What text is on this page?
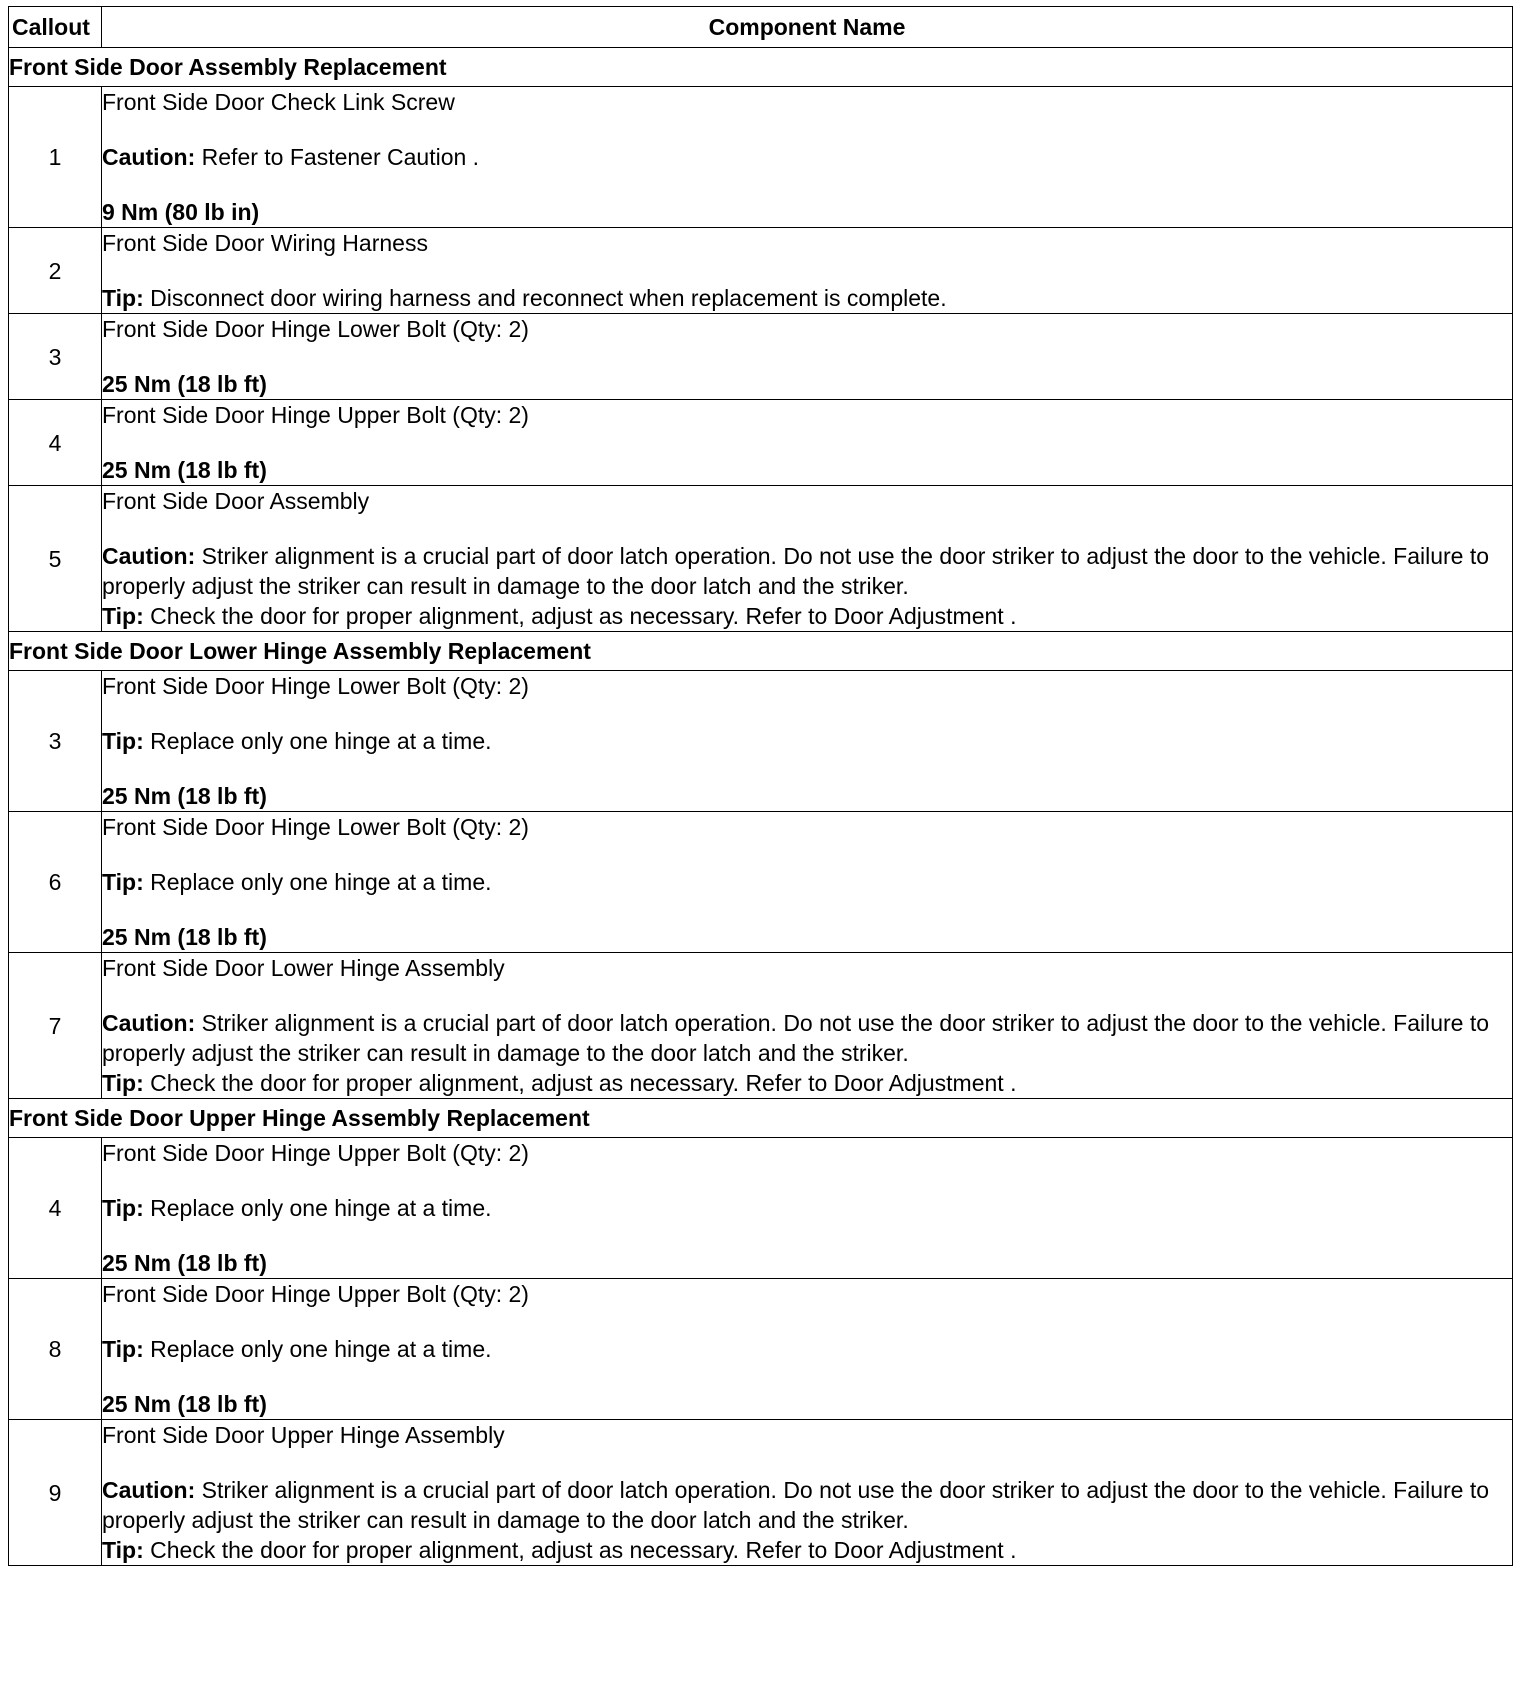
Callout	Component Name
Front Side Door Assembly Replacement	
1	Front Side Door Check Link Screw
Caution: Refer to Fastener Caution .
9 Nm (80 lb in)

2	Front Side Door Wiring Harness
Tip: Disconnect door wiring harness and reconnect when replacement is complete.

3	Front Side Door Hinge Lower Bolt (Qty: 2)
25 Nm (18 lb ft)

4	Front Side Door Hinge Upper Bolt (Qty: 2)
25 Nm (18 lb ft)

5	Front Side Door Assembly
Caution: Striker alignment is a crucial part of door latch operation. Do not use the door striker to adjust the door to the vehicle. Failure to properly adjust the striker can result in damage to the door latch and the striker.
Tip: Check the door for proper alignment, adjust as necessary. Refer to Door Adjustment .

Front Side Door Lower Hinge Assembly Replacement	
3	Front Side Door Hinge Lower Bolt (Qty: 2)
Tip: Replace only one hinge at a time.
25 Nm (18 lb ft)

6	Front Side Door Hinge Lower Bolt (Qty: 2)
Tip: Replace only one hinge at a time.
25 Nm (18 lb ft)

7	Front Side Door Lower Hinge Assembly
Caution: Striker alignment is a crucial part of door latch operation. Do not use the door striker to adjust the door to the vehicle. Failure to properly adjust the striker can result in damage to the door latch and the striker.
Tip: Check the door for proper alignment, adjust as necessary. Refer to Door Adjustment .

Front Side Door Upper Hinge Assembly Replacement	
4	Front Side Door Hinge Upper Bolt (Qty: 2)
Tip: Replace only one hinge at a time.
25 Nm (18 lb ft)

8	Front Side Door Hinge Upper Bolt (Qty: 2)
Tip: Replace only one hinge at a time.
25 Nm (18 lb ft)

9	Front Side Door Upper Hinge Assembly
Caution: Striker alignment is a crucial part of door latch operation. Do not use the door striker to adjust the door to the vehicle. Failure to properly adjust the striker can result in damage to the door latch and the striker.
Tip: Check the door for proper alignment, adjust as necessary. Refer to Door Adjustment .
